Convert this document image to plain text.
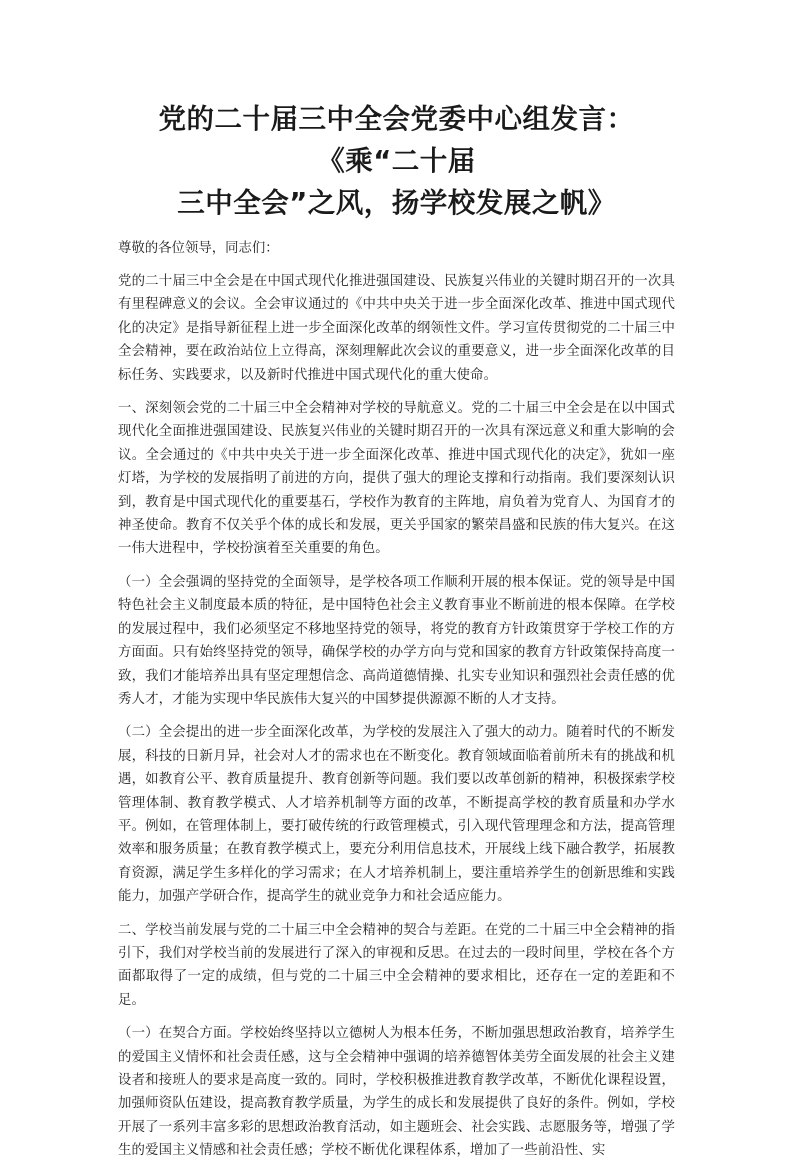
党的二十届三中全会党委中心组发言：《乘“二十届
三中全会”之风，扬学校发展之帆》

尊敬的各位领导，同志们：

党的二十届三中全会是在中国式现代化推进强国建设、民族复兴伟业的关键时期召开的一次具有里程碑意义的会议。全会审议通过的《中共中央关于进一步全面深化改革、推进中国式现代化的决定》是指导新征程上进一步全面深化改革的纲领性文件。学习宣传贯彻党的二十届三中全会精神，要在政治站位上立得高，深刻理解此次会议的重要意义，进一步全面深化改革的目标任务、实践要求，以及新时代推进中国式现代化的重大使命。

一、深刻领会党的二十届三中全会精神对学校的导航意义。党的二十届三中全会是在以中国式现代化全面推进强国建设、民族复兴伟业的关键时期召开的一次具有深远意义和重大影响的会议。全会通过的《中共中央关于进一步全面深化改革、推进中国式现代化的决定》，犹如一座灯塔，为学校的发展指明了前进的方向，提供了强大的理论支撑和行动指南。我们要深刻认识到，教育是中国式现代化的重要基石，学校作为教育的主阵地，肩负着为党育人、为国育才的神圣使命。教育不仅关乎个体的成长和发展，更关乎国家的繁荣昌盛和民族的伟大复兴。在这一伟大进程中，学校扮演着至关重要的角色。

（一）全会强调的坚持党的全面领导，是学校各项工作顺利开展的根本保证。党的领导是中国特色社会主义制度最本质的特征，是中国特色社会主义教育事业不断前进的根本保障。在学校的发展过程中，我们必须坚定不移地坚持党的领导，将党的教育方针政策贯穿于学校工作的方方面面。只有始终坚持党的领导，确保学校的办学方向与党和国家的教育方针政策保持高度一致，我们才能培养出具有坚定理想信念、高尚道德情操、扎实专业知识和强烈社会责任感的优秀人才，才能为实现中华民族伟大复兴的中国梦提供源源不断的人才支持。

（二）全会提出的进一步全面深化改革，为学校的发展注入了强大的动力。随着时代的不断发展，科技的日新月异，社会对人才的需求也在不断变化。教育领域面临着前所未有的挑战和机遇，如教育公平、教育质量提升、教育创新等问题。我们要以改革创新的精神，积极探索学校管理体制、教育教学模式、人才培养机制等方面的改革，不断提高学校的教育质量和办学水平。例如，在管理体制上，要打破传统的行政管理模式，引入现代管理理念和方法，提高管理效率和服务质量；在教育教学模式上，要充分利用信息技术，开展线上线下融合教学，拓展教育资源，满足学生多样化的学习需求；在人才培养机制上，要注重培养学生的创新思维和实践能力，加强产学研合作，提高学生的就业竞争力和社会适应能力。

二、学校当前发展与党的二十届三中全会精神的契合与差距。在党的二十届三中全会精神的指引下，我们对学校当前的发展进行了深入的审视和反思。在过去的一段时间里，学校在各个方面都取得了一定的成绩，但与党的二十届三中全会精神的要求相比，还存在一定的差距和不足。

（一）在契合方面。学校始终坚持以立德树人为根本任务，不断加强思想政治教育，培养学生的爱国主义情怀和社会责任感，这与全会精神中强调的培养德智体美劳全面发展的社会主义建设者和接班人的要求是高度一致的。同时，学校积极推进教育教学改革，不断优化课程设置，加强师资队伍建设，提高教育教学质量，为学生的成长和发展提供了良好的条件。例如，学校开展了一系列丰富多彩的思想政治教育活动，如主题班会、社会实践、志愿服务等，增强了学生的爱国主义情感和社会责任感；学校不断优化课程体系，增加了一些前沿性、实
